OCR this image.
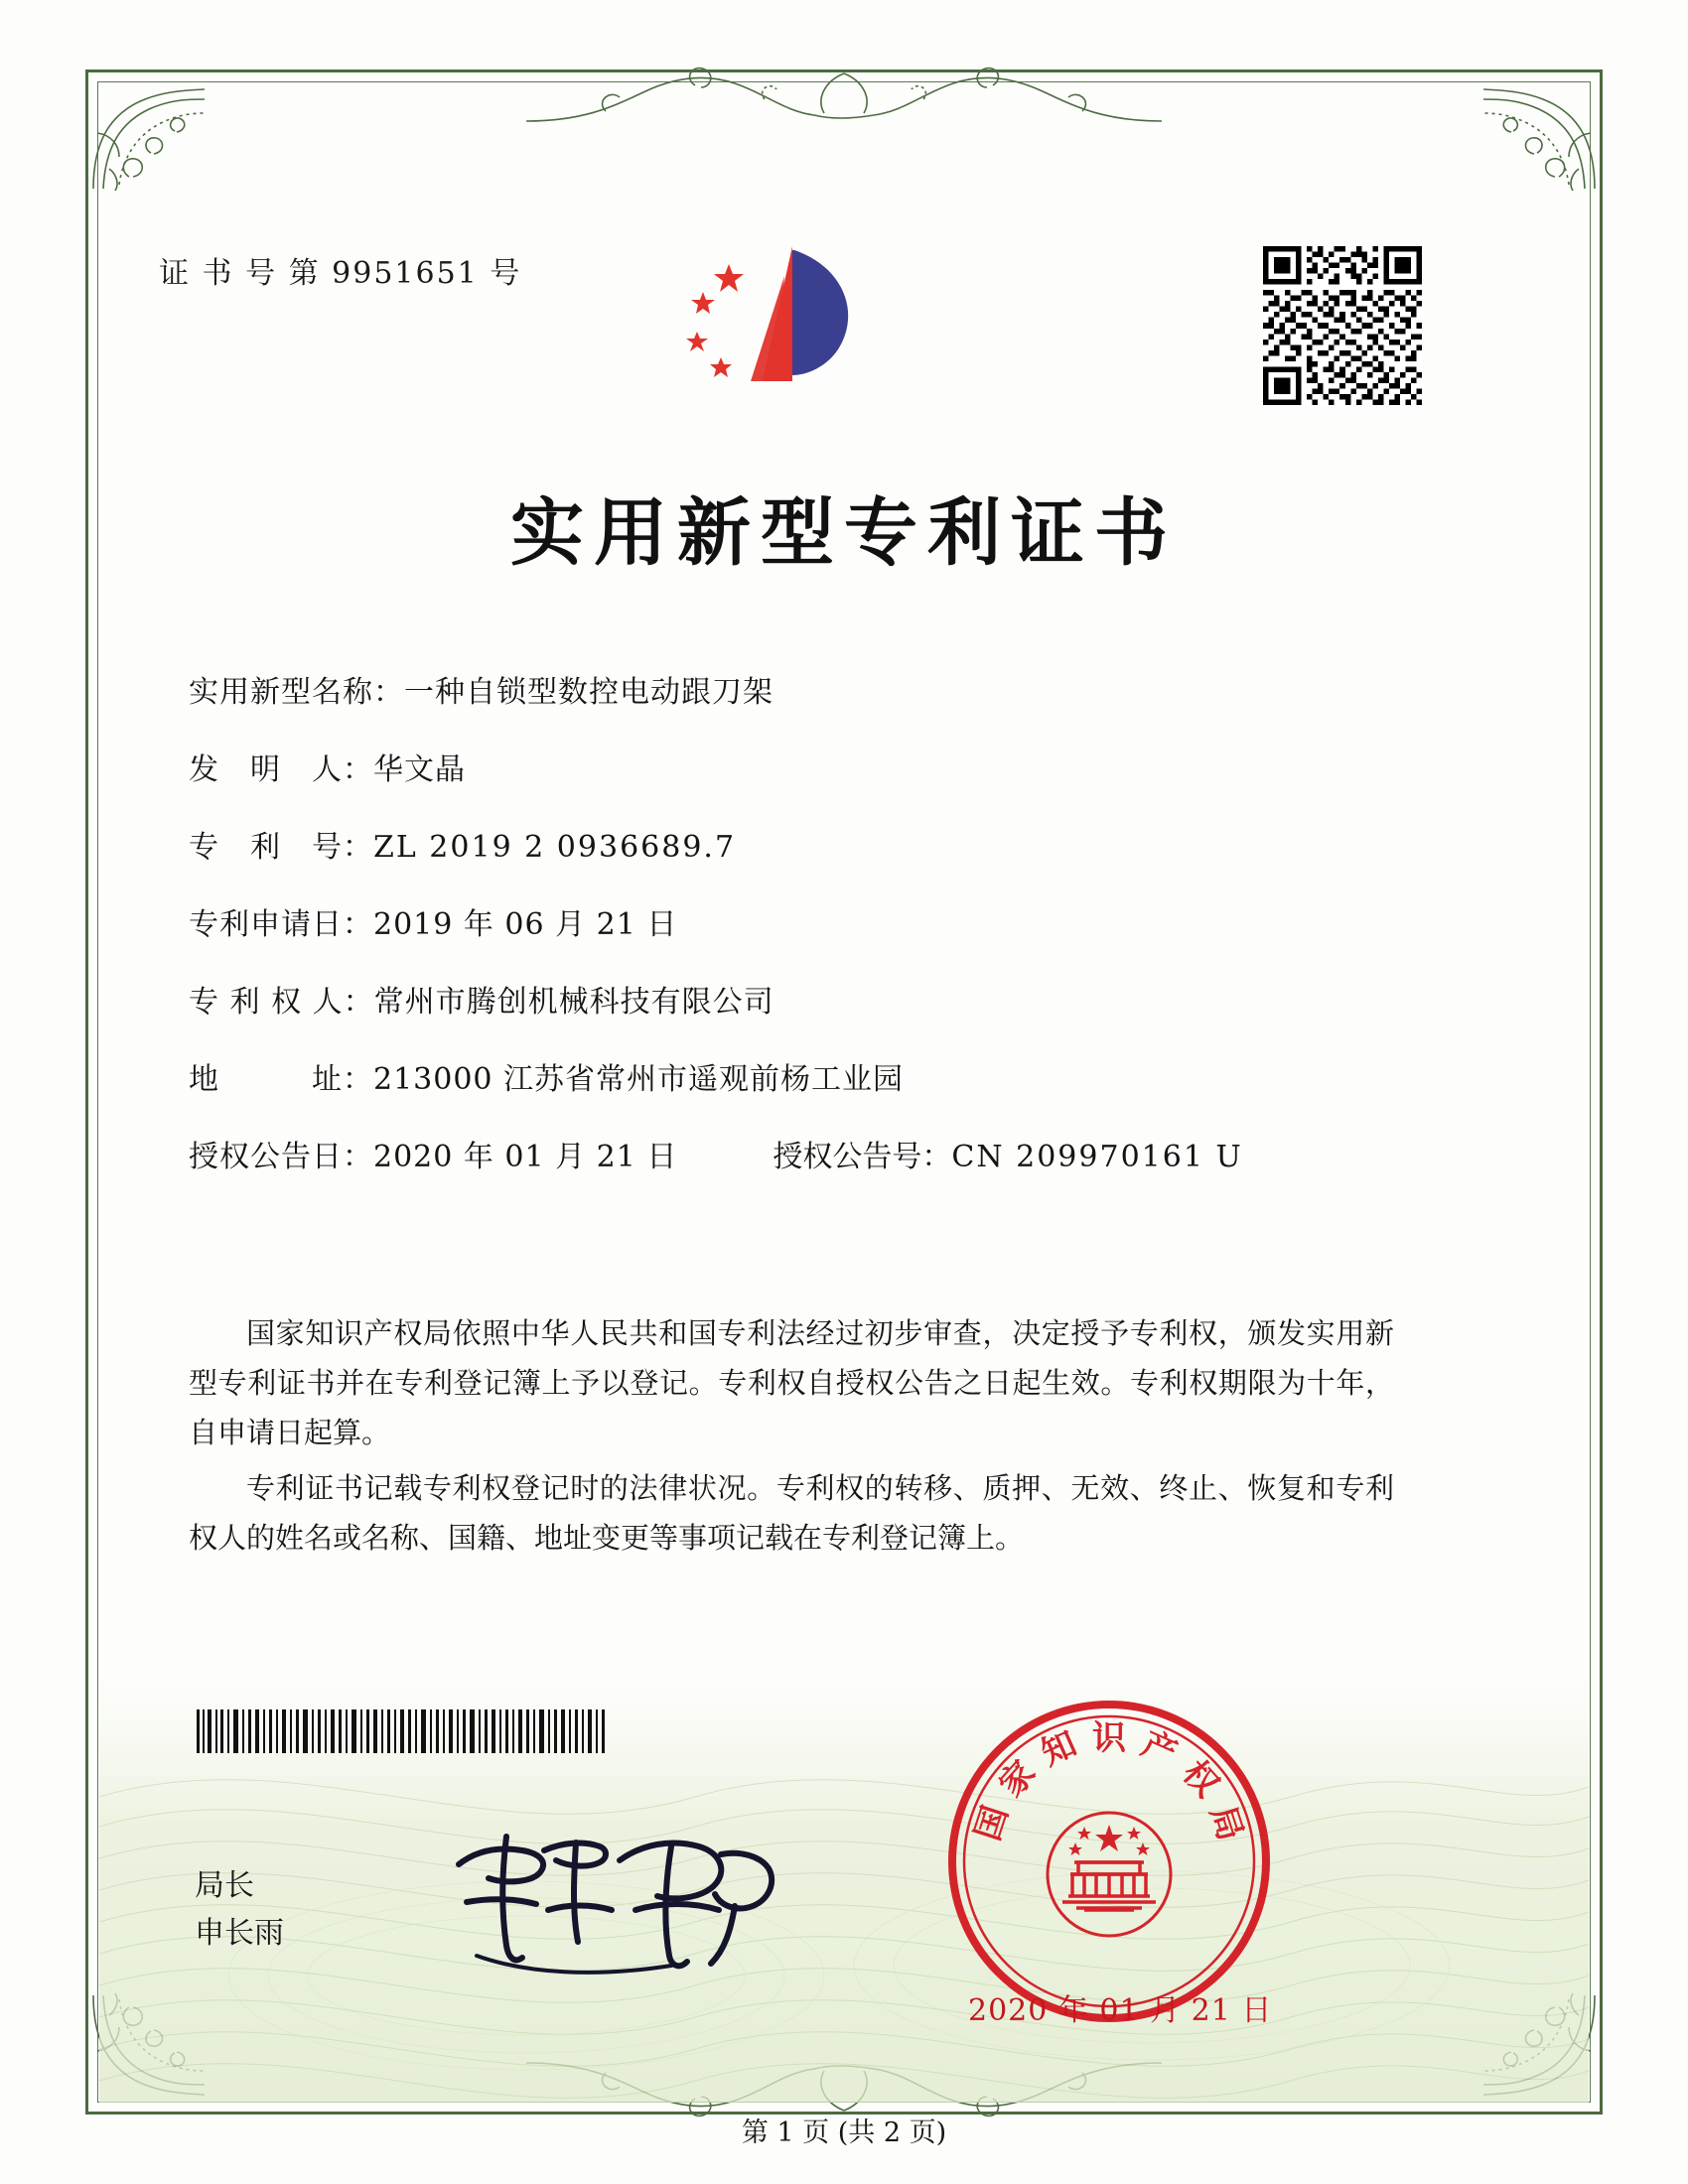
证 书 号 第 9951651 号
实用新型专利证书
实用新型名称：一种自锁型数控电动跟刀架
发　明　人：华文晶
专　利　号：ZL 2019 2 0936689.7
专利申请日：2019 年 06 月 21 日
专 利 权 人：常州市腾创机械科技有限公司
地　　　址：213000 江苏省常州市遥观前杨工业园
授权公告日：2020 年 01 月 21 日	授权公告号：CN 209970161 U

国家知识产权局依照中华人民共和国专利法经过初步审查，决定授予专利权，颁发实用新型专利证书并在专利登记簿上予以登记。专利权自授权公告之日起生效。专利权期限为十年，自申请日起算。

专利证书记载专利权登记时的法律状况。专利权的转移、质押、无效、终止、恢复和专利权人的姓名或名称、国籍、地址变更等事项记载在专利登记簿上。

局长
申长雨
国
家
知 识 产
权
局
2020 年 01 月 21 日
第 1 页 (共 2 页)
